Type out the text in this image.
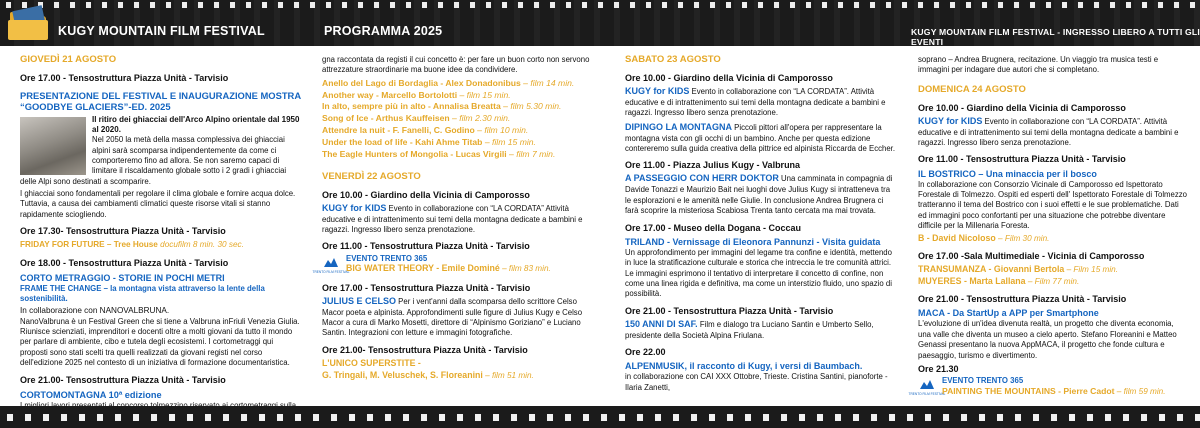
KUGY MOUNTAIN FILM FESTIVAL	PROGRAMMA 2025	KUGY MOUNTAIN FILM FESTIVAL - INGRESSO LIBERO A TUTTI GLI EVENTI
GIOVEDÌ 21 AGOSTO
Ore 17.00 - Tensostruttura Piazza Unità - Tarvisio
PRESENTAZIONE DEL FESTIVAL E INAUGURAZIONE MOSTRA “GOODBYE GLACIERS”-ED. 2025

Il ritiro dei ghiacciai dell'Arco Alpino orientale dal 1950 al 2020.

Nel 2050 la metà della massa complessiva dei ghiacciai alpini sarà scomparsa indipendentemente da come ci comporteremo fino ad allora. Se non saremo capaci di limitare il riscaldamento globale sotto i 2 gradi i ghiacciai delle Alpi sono destinati a scomparire.

I ghiacciai sono fondamentali per regolare il clima globale e fornire acqua dolce. Tuttavia, a causa dei cambiamenti climatici queste risorse vitali si stanno rapidamente sciogliendo.

Ore 17.30- Tensostruttura Piazza Unità - Tarvisio

FRIDAY FOR FUTURE – Tree House docufilm 8 min. 30 sec.

Ore 18.00 - Tensostruttura Piazza Unità - Tarvisio
CORTO METRAGGIO - STORIE IN POCHI METRI

FRAME THE CHANGE – la montagna vista attraverso la lente della sostenibilità.

In collaborazione con NANOVALBRUNA.

NanoValbruna è un Festival Green che si tiene a Valbruna inFriuli Venezia Giulia. Riunisce scienziati, imprenditori e docenti oltre a molti giovani da tutto il mondo per parlare di ambiente, cibo e tutela degli ecosistemi. I cortometraggi qui proposti sono stati scelti tra quelli realizzati da giovani registi nel corso dell'edizione 2025 nel contesto di un iniziativa di formazione documentaristica.

Ore 21.00- Tensostruttura Piazza Unità - Tarvisio
CORTOMONTAGNA 10ª edizione

gna raccontata da registi il cui concetto è: per fare un buon corto non servono attrezzature straordinarie ma buone idee da condividere.

Anello del Lago di Bordaglia - Alex Donadonibus – film 14 min.
Another way - Marcello Bortolotti – film 15 min.
In alto, sempre più in alto - Annalisa Breatta – film 5.30 min.
Song of Ice - Arthus Kauffeisen – film 2.30 min.
Attendre la nuit - F. Fanelli, C. Godino – film 10 min.
Under the load of life - Kahi Ahme Titab – film 15 min.
The Eagle Hunters of Mongolia - Lucas Virgili – film 7 min.
VENERDÌ 22 AGOSTO
Ore 10.00 - Giardino della Vicinia di Camporosso

KUGY for KIDS Evento in collaborazione con “LA CORDATA” Attività educative e di intrattenimento sui temi della montagna dedicate a bambini e ragazzi. Ingresso libero senza prenotazione.

Ore 11.00 - Tensostruttura Piazza Unità - Tarvisio
TRENTO FILM FESTIVAL
EVENTO TRENTO 365

BIG WATER THEORY - Emile Dominé – film 83 min.

Ore 17.00 - Tensostruttura Piazza Unità - Tarvisio

JULIUS E CELSO Per i vent'anni dalla scomparsa dello scrittore Celso Macor poeta e alpinista. Approfondimenti sulle figure di Julius Kugy e Celso Macor a cura di Marko Mosetti, direttore di “Alpinismo Goriziano” e Luciano Santin. Integrazioni con letture e immagini fotografiche.

Ore 21.00- Tensostruttura Piazza Unità - Tarvisio
L'UNICO SUPERSTITE -

G. Tringali, M. Veluschek, S. Floreanini – film 51 min.

SABATO 23 AGOSTO
Ore 10.00 - Giardino della Vicinia di Camporosso

KUGY for KIDS Evento in collaborazione con “LA CORDATA”. Attività educative e di intrattenimento sui temi della montagna dedicate a bambini e ragazzi. Ingresso libero senza prenotazione.

DIPINGO LA MONTAGNA Piccoli pittori all'opera per rappresentare la montagna vista con gli occhi di un bambino. Anche per questa edizione contereremo sulla guida creativa della pittrice ed alpinista Riccarda de Eccher.

Ore 11.00 - Piazza Julius Kugy - Valbruna

A PASSEGGIO CON HERR DOKTOR Una camminata in compagnia di Davide Tonazzi e Maurizio Bait nei luoghi dove Julius Kugy si intratteneva tra le esplorazioni e le amenità nelle Giulie. In conclusione Andrea Brugnera ci farà scoprire la misteriosa Scabiosa Trenta tanto cercata ma mai trovata.

Ore 17.00 - Museo della Dogana - Coccau
TRILAND - Vernissage di Eleonora Pannunzi - Visita guidata

Un approfondimento per immagini del legame tra confine e identità, mettendo in luce la stratificazione culturale e storica che intreccia le tre comunità attrici. Le immagini esprimono il tentativo di interpretare il concetto di confine, non come una linea rigida e definitiva, ma come un interstizio fluido, uno spazio di possibilità.

Ore 21.00 - Tensostruttura Piazza Unità - Tarvisio

150 ANNI DI SAF. Film e dialogo tra Luciano Santin e Umberto Sello, presidente della Società Alpina Friulana.

Ore 22.00
ALPENMUSIK, il racconto di Kugy, i versi di Baumbach.

in collaborazione con CAI XXX Ottobre, Trieste. Cristina Santini, pianoforte - Ilaria Zanetti,

soprano – Andrea Brugnera, recitazione. Un viaggio tra musica testi e immagini per indagare due autori che si completano.

DOMENICA 24 AGOSTO
Ore 10.00 - Giardino della Vicinia di Camporosso

KUGY for KIDS Evento in collaborazione con “LA CORDATA”. Attività educative e di intrattenimento sui temi della montagna dedicate a bambini e ragazzi. Ingresso libero senza prenotazione.

Ore 11.00 - Tensostruttura Piazza Unità - Tarvisio
IL BOSTRICO – Una minaccia per il bosco

In collaborazione con Consorzio Vicinale di Camporosso ed Ispettorato Forestale di Tolmezzo. Ospiti ed esperti dell' Ispettorato Forestale di Tolmezzo tratteranno il tema del Bostrico con i suoi effetti e le sue problematiche. Dati ed immagini poco confortanti per una situazione che potrebbe diventare difficile per la Millenaria Foresta.

B - David Nicoloso – Film 30 min.

Ore 17.00 -Sala Multimediale - Vicinia di Camporosso

TRANSUMANZA - Giovanni Bertola – Film 15 min.

MUYERES - Marta Lallana – Film 77 min.

Ore 21.00 - Tensostruttura Piazza Unità - Tarvisio
MACA - Da StartUp a APP per Smartphone

L'evoluzione di un'idea divenuta realtà, un progetto che diventa economia, una valle che diventa un museo a cielo aperto. Stefano Floreanini e Matteo Genassi presentano la nuova AppMACA, il progetto che fonde cultura e paesaggio, turismo e divertimento.

Ore 21.30
TRENTO FILM FESTIVAL
EVENTO TRENTO 365

PAINTING THE MOUNTAINS - Pierre Cadot – film 59 min.
